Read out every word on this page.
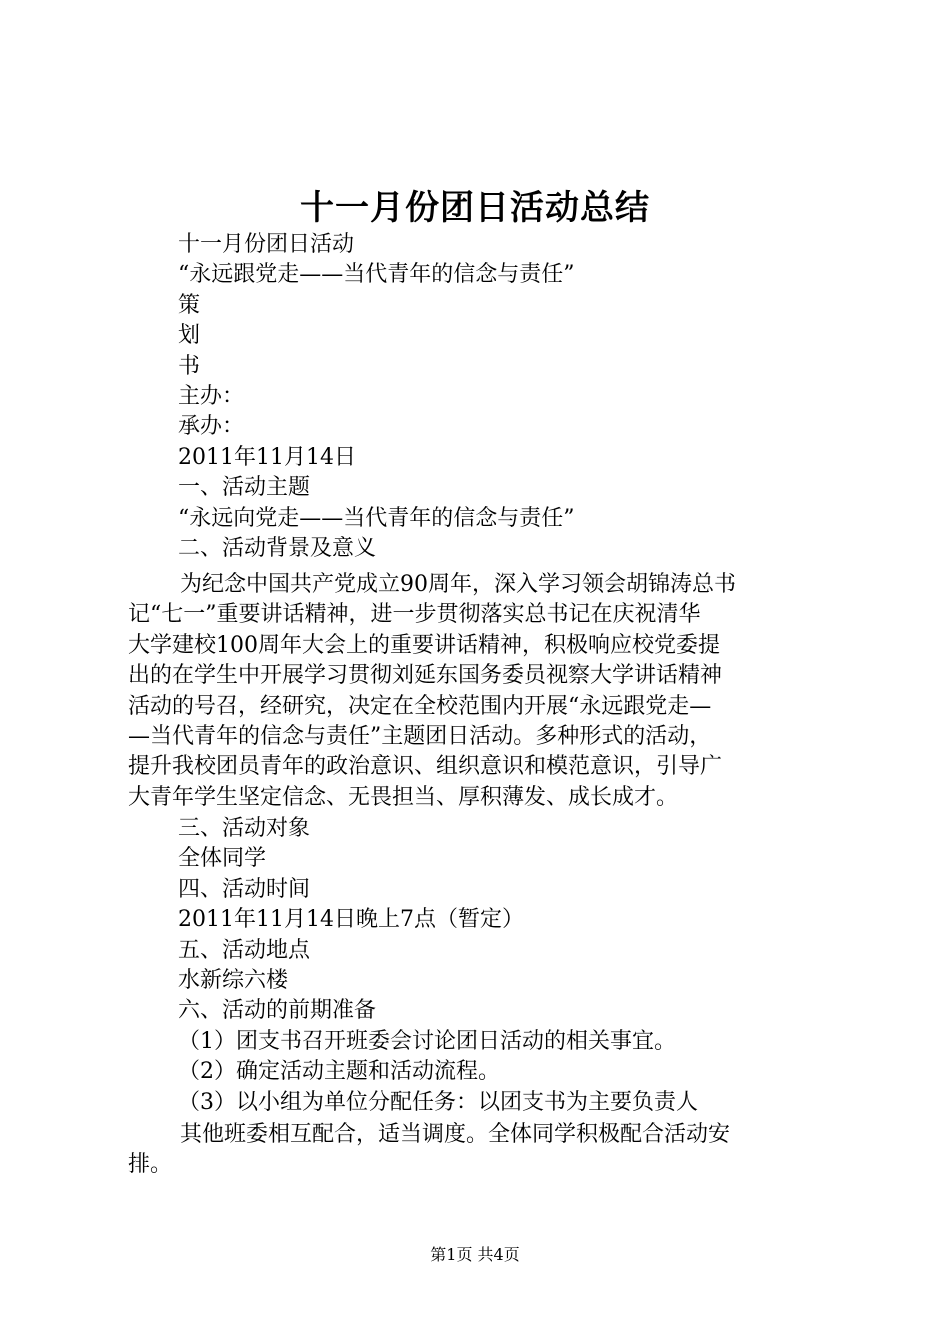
十一月份团日活动总结

十一月份团日活动

“永远跟党走——当代青年的信念与责任”

策

划

书

主办：

承办：

2011年11月14日

一、活动主题

“永远向党走——当代青年的信念与责任”

二、活动背景及意义

为纪念中国共产党成立90周年，深入学习领会胡锦涛总书
记“七一”重要讲话精神，进一步贯彻落实总书记在庆祝清华
大学建校100周年大会上的重要讲话精神，积极响应校党委提
出的在学生中开展学习贯彻刘延东国务委员视察大学讲话精神
活动的号召，经研究，决定在全校范围内开展“永远跟党走—
—当代青年的信念与责任”主题团日活动。多种形式的活动，
提升我校团员青年的政治意识、组织意识和模范意识，引导广
大青年学生坚定信念、无畏担当、厚积薄发、成长成才。

三、活动对象

全体同学

四、活动时间

2011年11月14日晚上7点（暂定）

五、活动地点

水新综六楼

六、活动的前期准备

（1）团支书召开班委会讨论团日活动的相关事宜。

（2）确定活动主题和活动流程。

（3）以小组为单位分配任务：以团支书为主要负责人

其他班委相互配合，适当调度。全体同学积极配合活动安
排。
第1页 共4页
